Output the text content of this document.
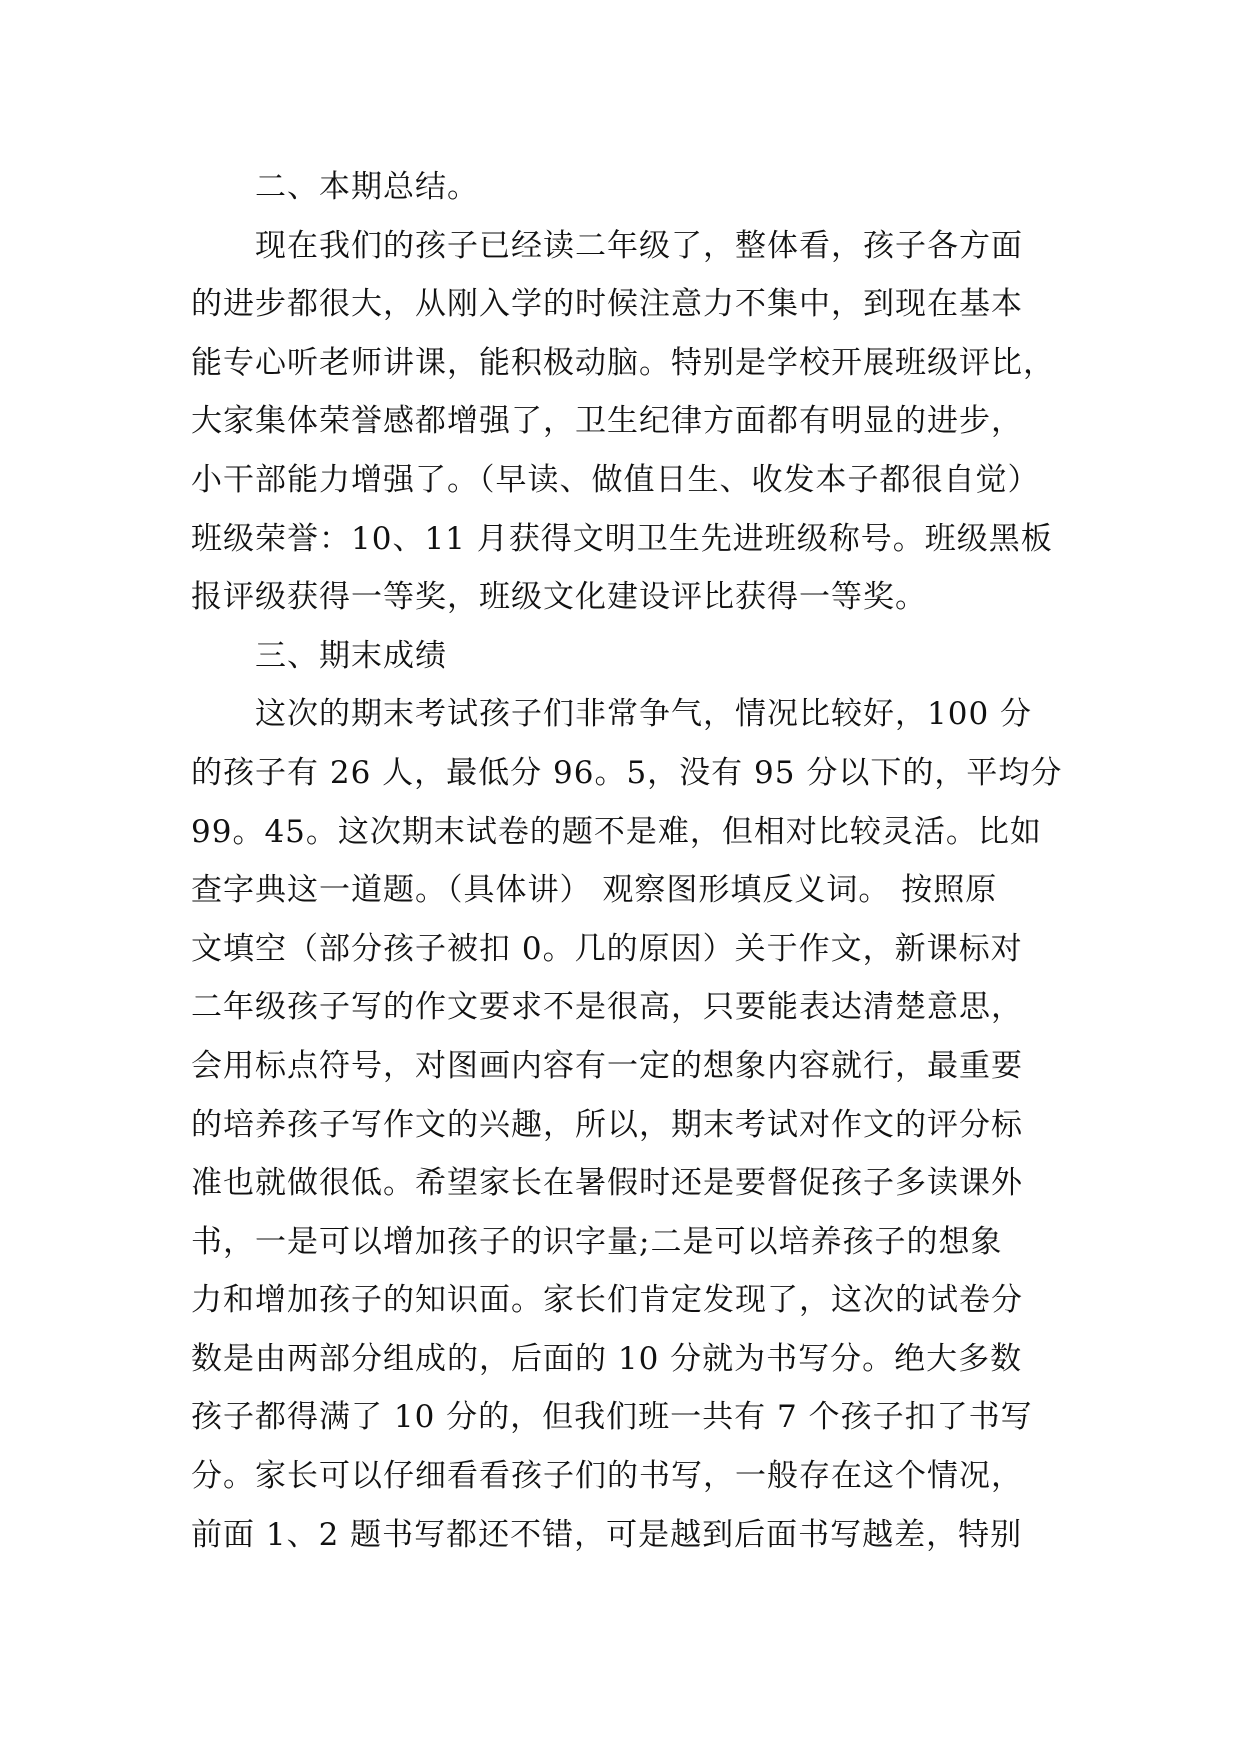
二、本期总结。

现在我们的孩子已经读二年级了，整体看，孩子各方面

的进步都很大，从刚入学的时候注意力不集中，到现在基本

能专心听老师讲课，能积极动脑。特别是学校开展班级评比，

大家集体荣誉感都增强了，卫生纪律方面都有明显的进步，

小干部能力增强了。（早读、做值日生、收发本子都很自觉）

班级荣誉：10、11 月获得文明卫生先进班级称号。班级黑板

报评级获得一等奖，班级文化建设评比获得一等奖。

三、期末成绩

这次的期末考试孩子们非常争气，情况比较好，100 分

的孩子有 26 人，最低分 96。5，没有 95 分以下的，平均分

99。45。这次期末试卷的题不是难，但相对比较灵活。比如

查字典这一道题。（具体讲） 观察图形填反义词。 按照原

文填空（部分孩子被扣 0。几的原因）关于作文，新课标对

二年级孩子写的作文要求不是很高，只要能表达清楚意思，

会用标点符号，对图画内容有一定的想象内容就行，最重要

的培养孩子写作文的兴趣，所以，期末考试对作文的评分标

准也就做很低。希望家长在暑假时还是要督促孩子多读课外

书，一是可以增加孩子的识字量;二是可以培养孩子的想象

力和增加孩子的知识面。家长们肯定发现了，这次的试卷分

数是由两部分组成的，后面的 10 分就为书写分。绝大多数

孩子都得满了 10 分的，但我们班一共有 7 个孩子扣了书写

分。家长可以仔细看看孩子们的书写，一般存在这个情况，

前面 1、2 题书写都还不错，可是越到后面书写越差，特别
